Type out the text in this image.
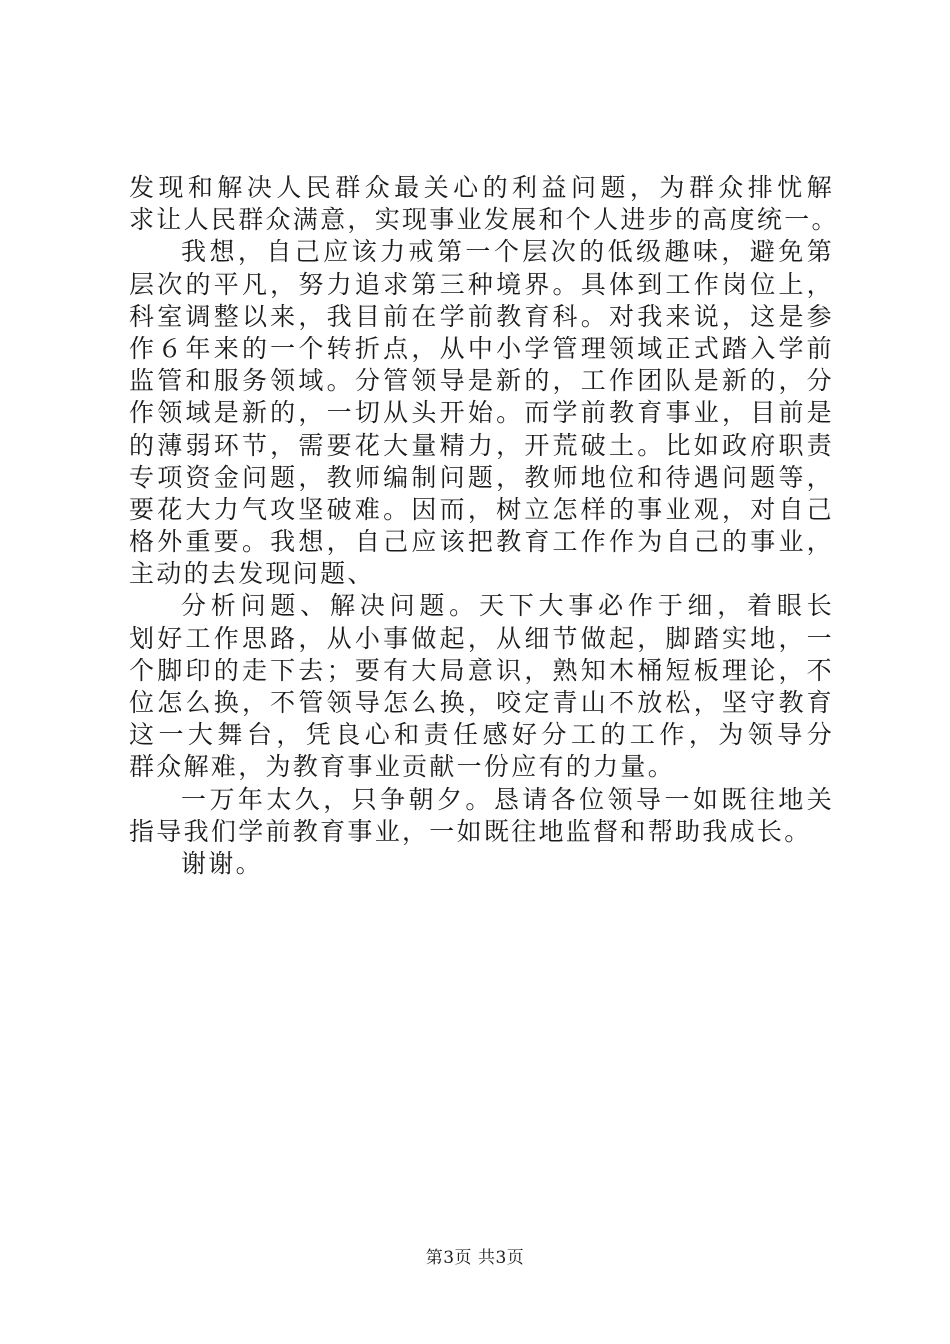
发现和解决人民群众最关心的利益问题，为群众排忧解
求让人民群众满意，实现事业发展和个人进步的高度统一。
我想，自己应该力戒第一个层次的低级趣味，避免第
层次的平凡，努力追求第三种境界。具体到工作岗位上，
科室调整以来，我目前在学前教育科。对我来说，这是参
作６年来的一个转折点，从中小学管理领域正式踏入学前
监管和服务领域。分管领导是新的，工作团队是新的，分
作领域是新的，一切从头开始。而学前教育事业，目前是
的薄弱环节，需要花大量精力，开荒破土。比如政府职责
专项资金问题，教师编制问题，教师地位和待遇问题等，
要花大力气攻坚破难。因而，树立怎样的事业观，对自己
格外重要。我想，自己应该把教育工作作为自己的事业，
主动的去发现问题、
分析问题、解决问题。天下大事必作于细，着眼长
划好工作思路，从小事做起，从细节做起，脚踏实地，一
个脚印的走下去；要有大局意识，熟知木桶短板理论，不
位怎么换，不管领导怎么换，咬定青山不放松，坚守教育
这一大舞台，凭良心和责任感好分工的工作，为领导分
群众解难，为教育事业贡献一份应有的力量。
一万年太久，只争朝夕。恳请各位领导一如既往地关
指导我们学前教育事业，一如既往地监督和帮助我成长。
谢谢。
第3页 共3页
